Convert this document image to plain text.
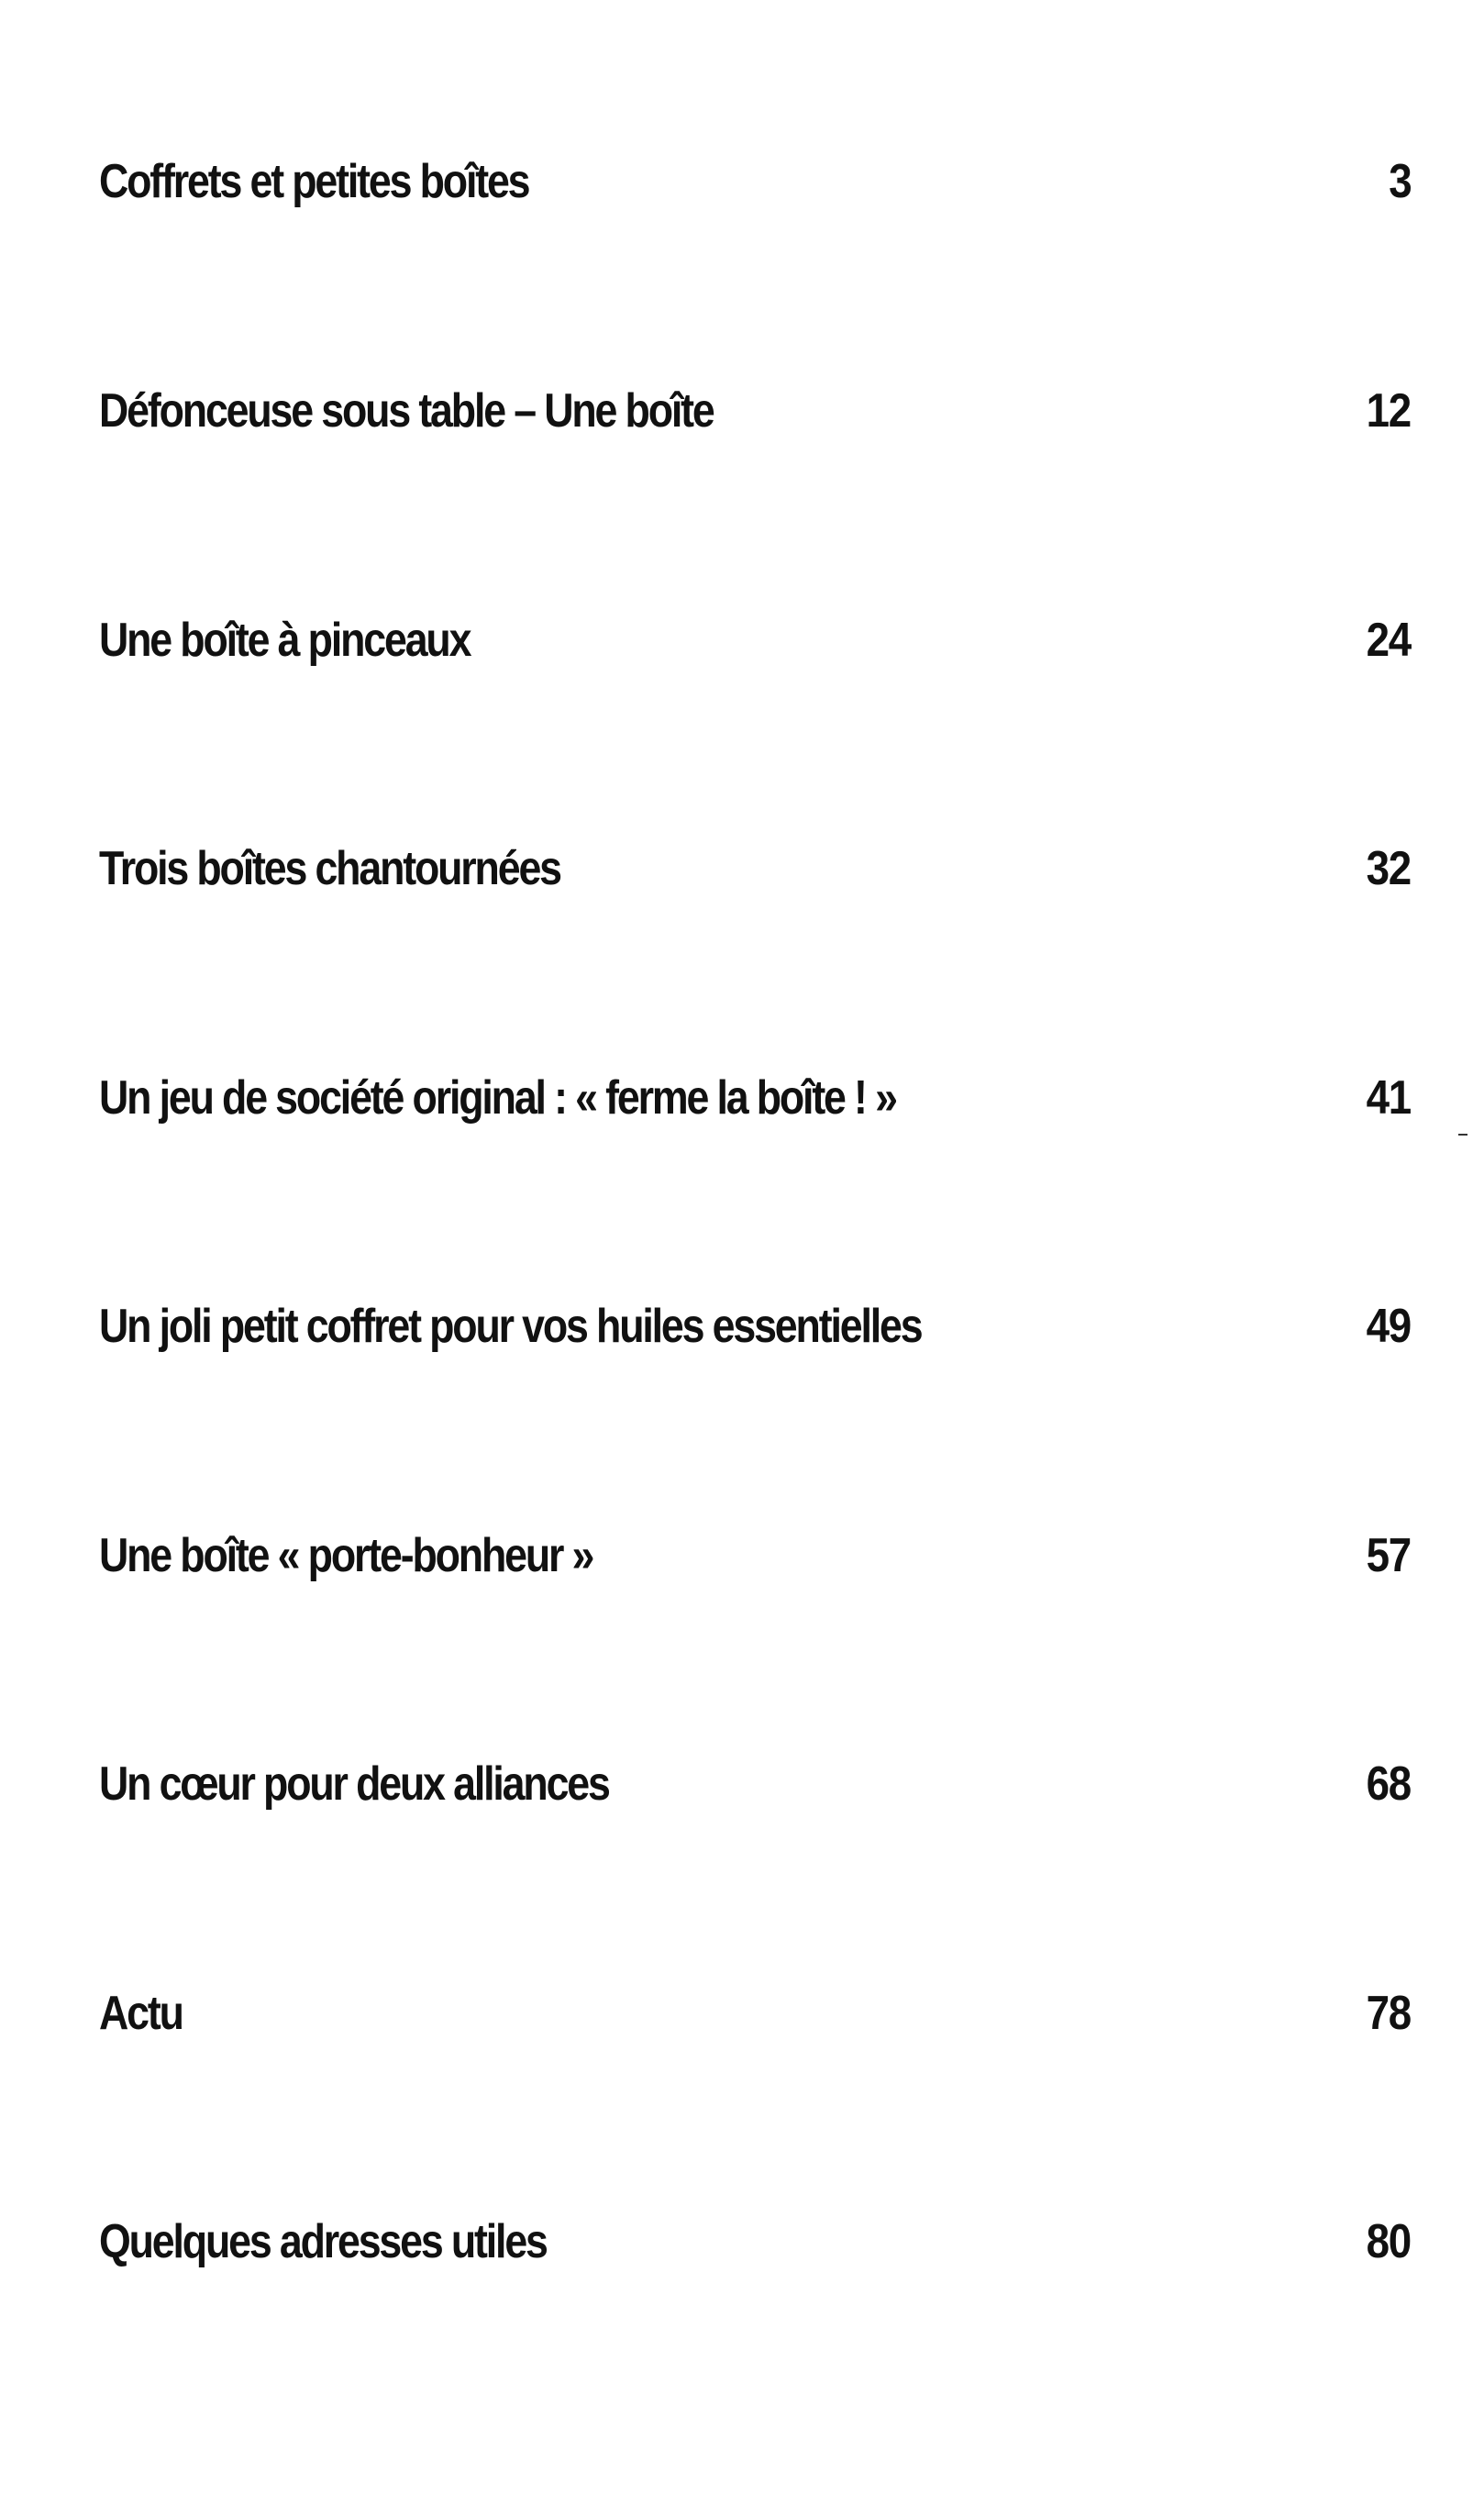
Coffrets et petites boîtes	3
Défonceuse sous table – Une boîte	12
Une boîte à pinceaux	24
Trois boîtes chantournées	32
Un jeu de société original : « ferme la boîte ! »	41
Un joli petit coffret pour vos huiles essentielles	49
Une boîte « porte-bonheur »	57
Un cœur pour deux alliances	68
Actu	78
Quelques adresses utiles	80
